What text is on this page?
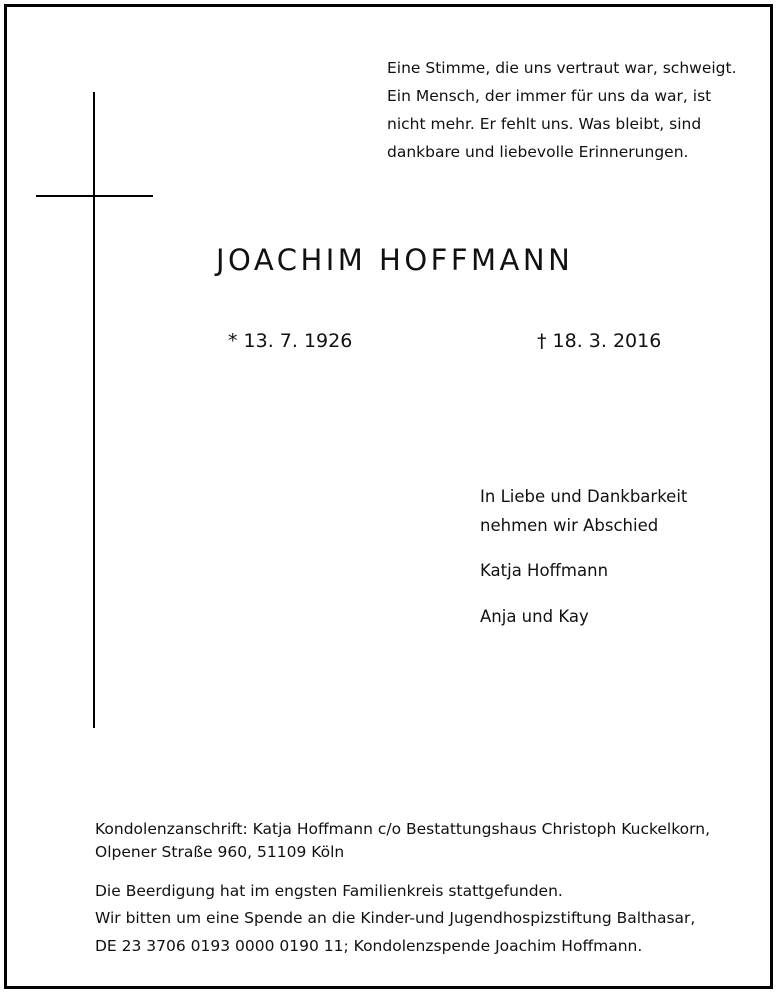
Eine Stimme, die uns vertraut war, schweigt.
Ein Mensch, der immer für uns da war, ist
nicht mehr. Er fehlt uns. Was bleibt, sind
dankbare und liebevolle Erinnerungen.

JOACHIM HOFFMANN
* 13. 7. 1926	† 18. 3. 2016
In Liebe und Dankbarkeit
nehmen wir Abschied
Katja Hoffmann
Anja und Kay
Kondolenzanschrift: Katja Hoffmann c/o Bestattungshaus Christoph Kuckelkorn,
Olpener Straße 960, 51109 Köln
Die Beerdigung hat im engsten Familienkreis stattgefunden.
Wir bitten um eine Spende an die Kinder-und Jugendhospizstiftung Balthasar,
DE 23 3706 0193 0000 0190 11; Kondolenzspende Joachim Hoffmann.
